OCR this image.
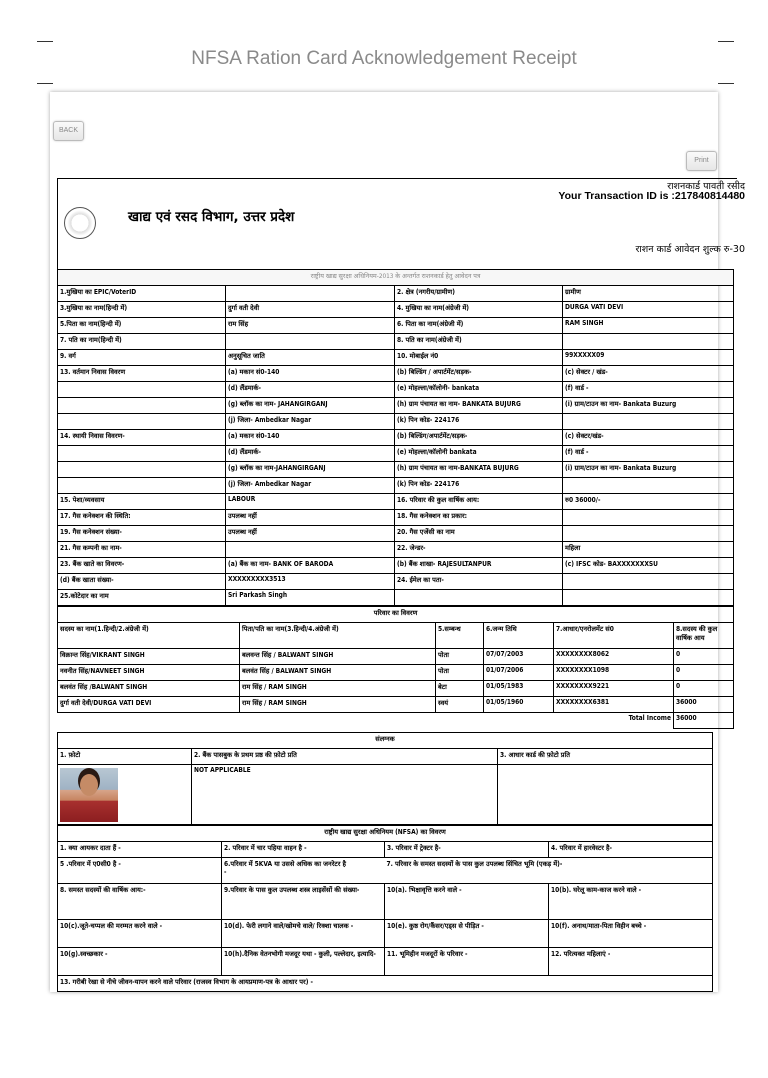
NFSA Ration Card Acknowledgement Receipt
BACK
Print
खाद्य एवं रसद विभाग, उत्तर प्रदेश
राशनकार्ड पावती रसीद
Your Transaction ID is :217840814480
राशन कार्ड आवेदन शुल्क रु-30
राष्ट्रीय खाद्य सुरक्षा अधिनियम-2013 के अन्तर्गत राशनकार्ड हेतु आवेदन पत्र			
1.मुखिया का EPIC/VoterID		2. क्षेत्र (नगरीय/ग्रामीण)	ग्रामीण
3.मुखिया का नाम(हिन्दी में)	दुर्गा वती देवी	4. मुखिया का नाम(अंग्रेजी में)	DURGA VATI DEVI
5.पिता का नाम(हिन्दी में)	राम सिंह	6. पिता का नाम(अंग्रेजी में)	RAM SINGH
7. पति का नाम(हिन्दी में)		8. पति का नाम(अंग्रेजी में)	
9. वर्ग	अनुसूचित जाति	10. मोबाईल नं0	99XXXXX09
13. वर्तमान निवास विवरण	(a) मकान सं0-140	(b) बिल्डिंग / अपार्टमेंट/सड़क-	(c) सेक्टर / खंड-
	(d) लैंडमार्क-	(e) मोहल्ला/कॉलोनी- bankata	(f) वार्ड -
	(g) ब्लॉक का नाम- JAHANGIRGANJ	(h) ग्राम पंचायत का नाम- BANKATA BUJURG	(i) ग्राम/टाउन का नाम- Bankata Buzurg
	(j) जिला- Ambedkar Nagar	(k) पिन कोड- 224176	
14. स्थायी निवास विवरण-	(a) मकान सं0-140	(b) बिल्डिंग/अपार्टमेंट/सड़क-	(c) सेक्टर/खंड-
	(d) लैंडमार्क-	(e) मोहल्ला/कॉलोनी bankata	(f) वार्ड -
	(g) ब्लॉक का नाम-JAHANGIRGANJ	(h) ग्राम पंचायत का नाम-BANKATA BUJURG	(i) ग्राम/टाउन का नाम- Bankata Buzurg
	(j) जिला- Ambedkar Nagar	(k) पिन कोड- 224176	
15. पेशा/व्यवसाय	LABOUR	16. परिवार की कुल वार्षिक आय:	रु0 36000/-
17. गैस कनेक्शन की स्थिति:	उपलब्ध नहीं	18. गैस कनेक्शन का प्रकार:	
19. गैस कनेक्शन संख्या-	उपलब्ध नहीं	20. गैस एजेंसी का नाम	
21. गैस कम्पनी का नाम-		22. जेन्डर-	महिला
23. बैंक खाते का विवरण-	(a) बैंक का नाम- BANK OF BARODA	(b) बैंक शाखा- RAJESULTANPUR	(c) IFSC कोड- BAXXXXXXXSU
(d) बैंक खाता संख्या-	XXXXXXXXX3513	24. ईमेल का पता-	
25.कोटेदार का नाम	Sri Parkash Singh		
परिवार का विवरण					
सदस्य का नाम(1.हिन्दी/2.अंग्रेजी में)	पिता/पति का नाम(3.हिन्दी/4.अंग्रेजी में)	5.सम्बन्ध	6.जन्म तिथि	7.आधार/एनरोलमेंट सं0	8.सदस्य की कुल वार्षिक आय
विक्रान्त सिंह/VIKRANT SINGH	बलवन्त सिंह / BALWANT SINGH	पोता	07/07/2003	XXXXXXXX8062	0
नवनीत सिंह/NAVNEET SINGH	बलवंत सिंह / BALWANT SINGH	पोता	01/07/2006	XXXXXXXX1098	0
बलवंत सिंह /BALWANT SINGH	राम सिंह / RAM SINGH	बेटा	01/05/1983	XXXXXXXX9221	0
दुर्गा वती देवी/DURGA VATI DEVI	राम सिंह / RAM SINGH	स्वयं	01/05/1960	XXXXXXXX6381	36000
Total Income					36000
संलग्नक		
1. फ़ोटो	2. बैंक पासबुक के प्रथम प्रष्ठ की फ़ोटो प्रति	3. आधार कार्ड की फ़ोटो प्रति

	NOT APPLICABLE	
राष्ट्रीय खाद्य सुरक्षा अधिनियम (NFSA) का विवरण			
1. क्या आयकर दाता हैं -	2. परिवार में चार पहिया वाहन है -	3. परिवार में ट्रेक्टर है-	4. परिवार में हारवेस्टर है-
5 .परिवार में ए0सी0 है -	6.परिवार में 5KVA या उससे अधिक का जनरेटर है
-	7. परिवार के समस्त सदस्यों के पास कुल उपलब्ध सिंचित भूमि (एकड़ में)-	
8. समस्त सदस्यों की वार्षिक आय:-	9.परिवार के पास कुल उपलब्ध शस्त्र लाइसेंसों की संख्या-	10(a). भिक्षावृत्ति करने वाले -	10(b). घरेलू काम-काज करने वाले -
10(c).जूते-चप्पल की मरम्मत करने वाले -	10(d). फेरी लगाने वाले/खोमचे वाले/ रिक्शा चालक -	10(e). कुष्ठ रोग/कैंसर/एड्स से पीड़ित -	10(f). अनाथ/माता-पिता विहीन बच्चे -
10(g).स्वच्छकार -	10(h).दैनिक वेतनभोगी मजदूर यथा - कुली, पल्लेदार, इत्यादि-	11. भूमिहीन मजदूरों के परिवार -	12. परित्यक्त महिलाएं -
13. गरीबी रेखा से नीचे जीवन-यापन करने वाले परिवार (राजस्व विभाग के आयप्रमाण-पत्र के आधार पर) -			
